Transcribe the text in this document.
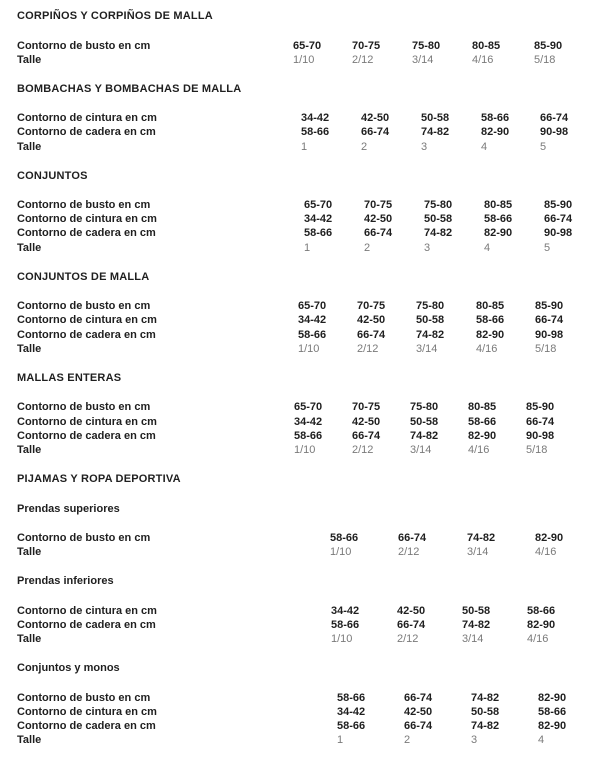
CORPIÑOS Y CORPIÑOS DE MALLA
Contorno de busto en cm	65-70	70-75	75-80	80-85	85-90
Talle	1/10	2/12	3/14	4/16	5/18
BOMBACHAS Y BOMBACHAS DE MALLA
Contorno de cintura en cm	34-42	42-50	50-58	58-66	66-74
Contorno de cadera en cm	58-66	66-74	74-82	82-90	90-98
Talle	1	2	3	4	5
CONJUNTOS
Contorno de busto en cm	65-70	70-75	75-80	80-85	85-90
Contorno de cintura en cm	34-42	42-50	50-58	58-66	66-74
Contorno de cadera en cm	58-66	66-74	74-82	82-90	90-98
Talle	1	2	3	4	5
CONJUNTOS DE MALLA
Contorno de busto en cm	65-70	70-75	75-80	80-85	85-90
Contorno de cintura en cm	34-42	42-50	50-58	58-66	66-74
Contorno de cadera en cm	58-66	66-74	74-82	82-90	90-98
Talle	1/10	2/12	3/14	4/16	5/18
MALLAS ENTERAS
Contorno de busto en cm	65-70	70-75	75-80	80-85	85-90
Contorno de cintura en cm	34-42	42-50	50-58	58-66	66-74
Contorno de cadera en cm	58-66	66-74	74-82	82-90	90-98
Talle	1/10	2/12	3/14	4/16	5/18
PIJAMAS Y ROPA DEPORTIVA
Prendas superiores
Contorno de busto en cm	58-66	66-74	74-82	82-90
Talle	1/10	2/12	3/14	4/16
Prendas inferiores
Contorno de cintura en cm	34-42	42-50	50-58	58-66
Contorno de cadera en cm	58-66	66-74	74-82	82-90
Talle	1/10	2/12	3/14	4/16
Conjuntos y monos
Contorno de busto en cm	58-66	66-74	74-82	82-90
Contorno de cintura en cm	34-42	42-50	50-58	58-66
Contorno de cadera en cm	58-66	66-74	74-82	82-90
Talle	1	2	3	4
